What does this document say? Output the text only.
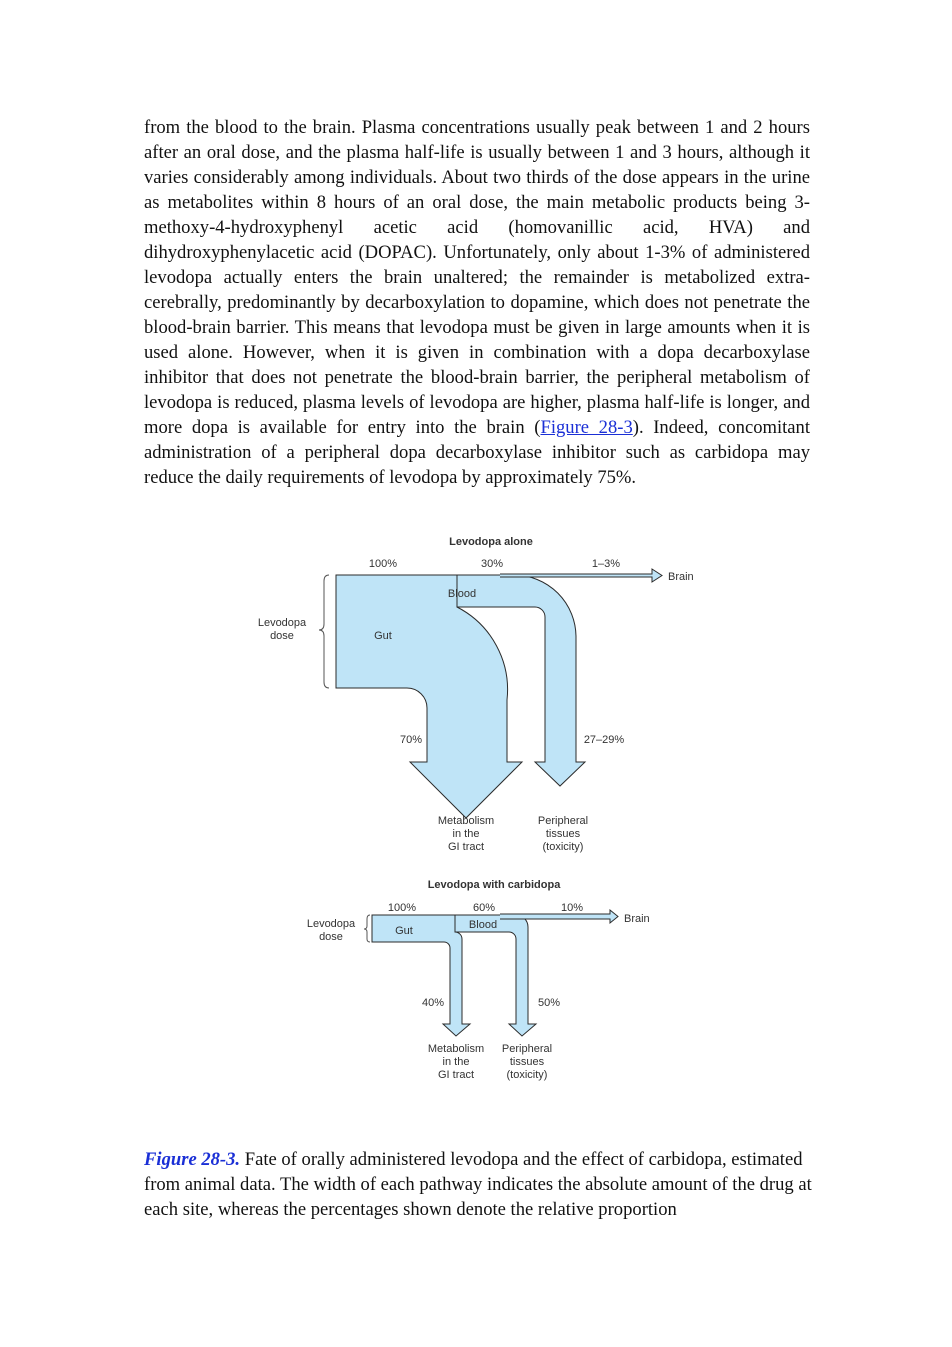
from the blood to the brain. Plasma concentrations usually peak between 1 and 2 hours after an oral dose, and the plasma half-life is usually between 1 and 3 hours, although it varies considerably among individuals. About two thirds of the dose appears in the urine as metabolites within 8 hours of an oral dose, the main metabolic products being 3-methoxy-4-hydroxyphenyl acetic acid (homovanillic acid, HVA) and dihydroxyphenylacetic acid (DOPAC). Unfortunately, only about 1-3% of administered levodopa actually enters the brain unaltered; the remainder is metabolized extra-cerebrally, predominantly by decarboxylation to dopamine, which does not penetrate the blood-brain barrier. This means that levodopa must be given in large amounts when it is used alone. However, when it is given in combination with a dopa decarboxylase inhibitor that does not penetrate the blood-brain barrier, the peripheral metabolism of levodopa is reduced, plasma levels of levodopa are higher, plasma half-life is longer, and more dopa is available for entry into the brain (Figure 28-3). Indeed, concomitant administration of a peripheral dopa decarboxylase inhibitor such as carbidopa may reduce the daily requirements of levodopa by approximately 75%.
Levodopa alone
100%	30%	1–3%
Brain
Blood
Levodopa
dose	Gut
70%	27–29%
Metabolism
in the
GI tract
Peripheral
tissues
(toxicity)
Levodopa with carbidopa
100%	60%	10%
Brain
Blood
Levodopa
dose	Gut
40%	50%
Metabolism
in the
GI tract
Peripheral
tissues
(toxicity)
Figure 28-3. Fate of orally administered levodopa and the effect of carbidopa, estimated from animal data. The width of each pathway indicates the absolute amount of the drug at each site, whereas the percentages shown denote the relative proportion
